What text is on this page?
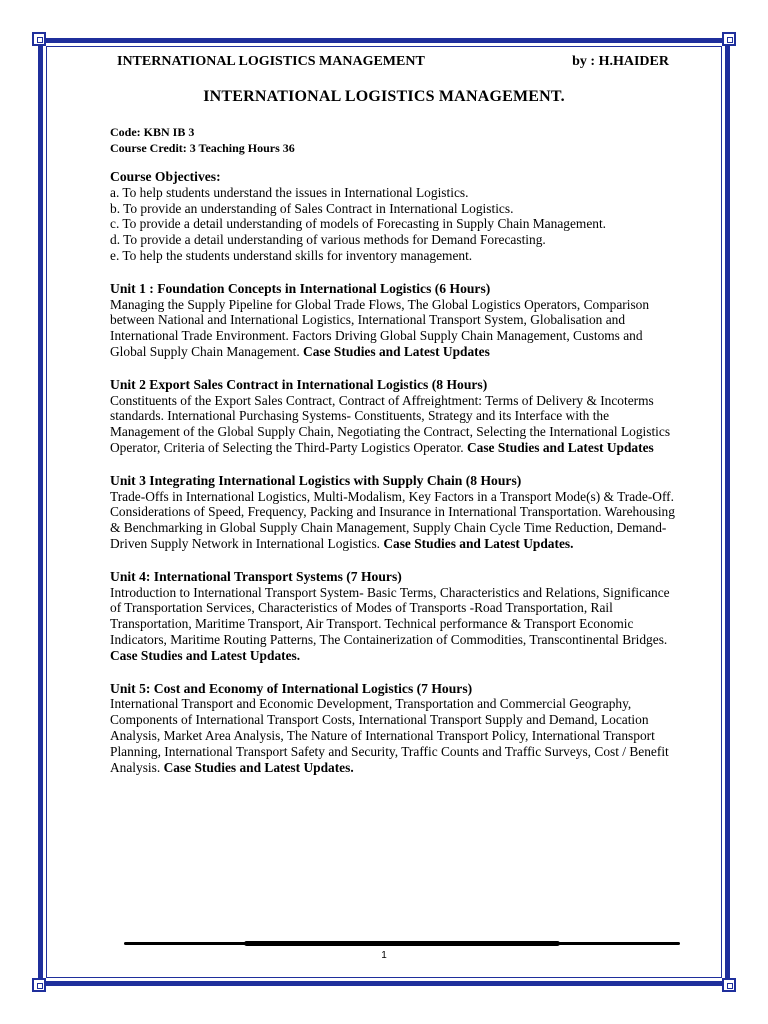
INTERNATIONAL LOGISTICS MANAGEMENT	by : H.HAIDER
INTERNATIONAL LOGISTICS MANAGEMENT.
Code: KBN IB 3
Course Credit: 3 Teaching Hours 36
Course Objectives:
a. To help students understand the issues in International Logistics.
b. To provide an understanding of Sales Contract in International Logistics.
c. To provide a detail understanding of models of Forecasting in Supply Chain Management.
d. To provide a detail understanding of various methods for Demand Forecasting.
e. To help the students understand skills for inventory management.
Unit 1 : Foundation Concepts in International Logistics (6 Hours)
Managing the Supply Pipeline for Global Trade Flows, The Global Logistics Operators, Comparison between National and International Logistics, International Transport System, Globalisation and International Trade Environment. Factors Driving Global Supply Chain Management, Customs and Global Supply Chain Management. Case Studies and Latest Updates
Unit 2 Export Sales Contract in International Logistics (8 Hours)
Constituents of the Export Sales Contract, Contract of Affreightment: Terms of Delivery & Incoterms standards. International Purchasing Systems- Constituents, Strategy and its Interface with the Management of the Global Supply Chain, Negotiating the Contract, Selecting the International Logistics Operator, Criteria of Selecting the Third-Party Logistics Operator. Case Studies and Latest Updates
Unit 3 Integrating International Logistics with Supply Chain (8 Hours)
Trade-Offs in International Logistics, Multi-Modalism, Key Factors in a Transport Mode(s) & Trade-Off. Considerations of Speed, Frequency, Packing and Insurance in International Transportation. Warehousing & Benchmarking in Global Supply Chain Management, Supply Chain Cycle Time Reduction, Demand-Driven Supply Network in International Logistics. Case Studies and Latest Updates.
Unit 4: International Transport Systems (7 Hours)
Introduction to International Transport System- Basic Terms, Characteristics and Relations, Significance of Transportation Services, Characteristics of Modes of Transports -Road Transportation, Rail Transportation, Maritime Transport, Air Transport. Technical performance & Transport Economic Indicators, Maritime Routing Patterns, The Containerization of Commodities, Transcontinental Bridges. Case Studies and Latest Updates.
Unit 5: Cost and Economy of International Logistics (7 Hours)
International Transport and Economic Development, Transportation and Commercial Geography, Components of International Transport Costs, International Transport Supply and Demand, Location Analysis, Market Area Analysis, The Nature of International Transport Policy, International Transport Planning, International Transport Safety and Security, Traffic Counts and Traffic Surveys, Cost / Benefit Analysis. Case Studies and Latest Updates.
1
